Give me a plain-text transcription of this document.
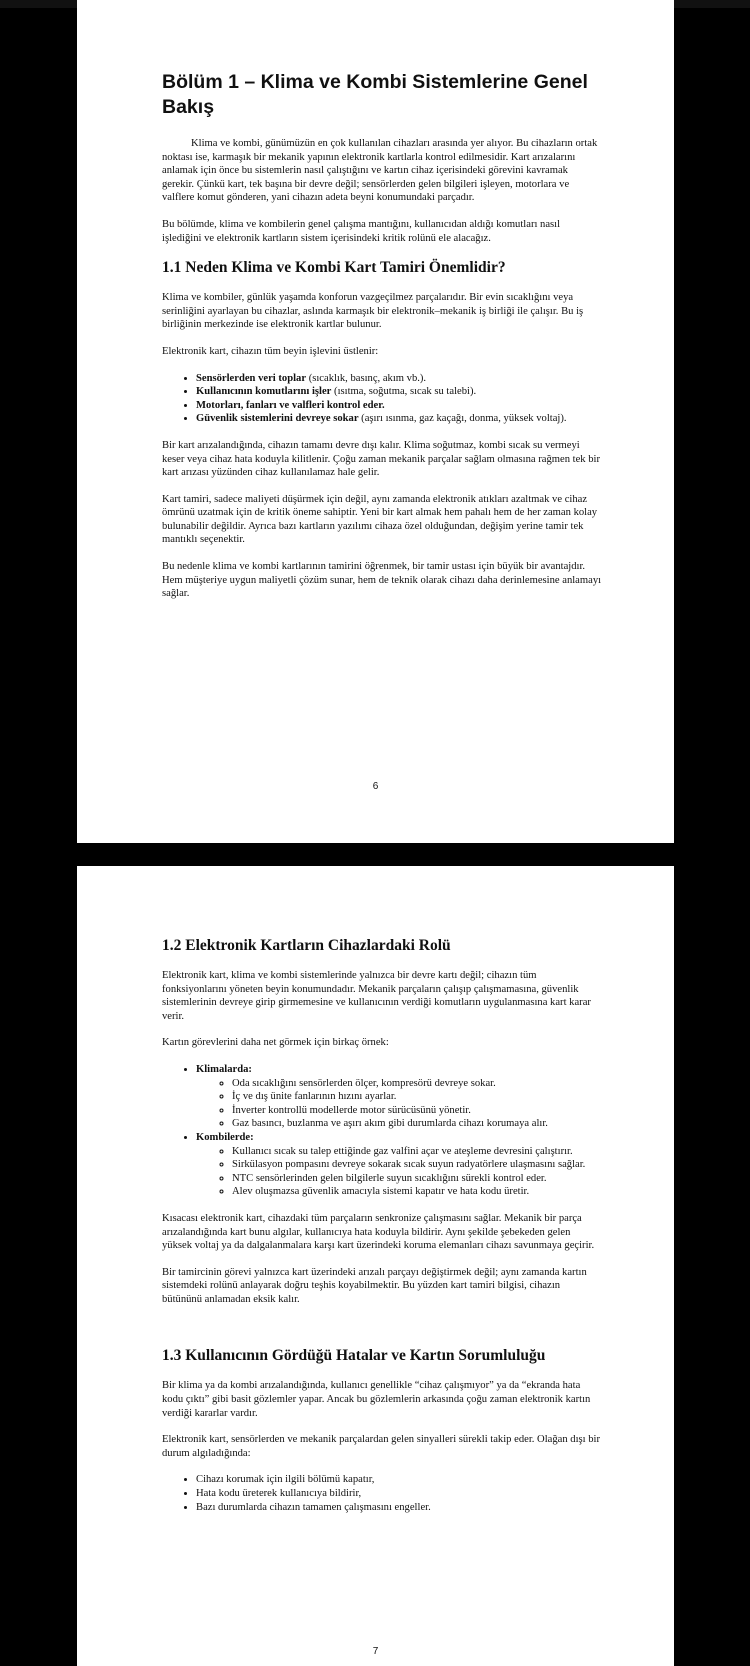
Bölüm 1 – Klima ve Kombi Sistemlerine Genel Bakış

Klima ve kombi, günümüzün en çok kullanılan cihazları arasında yer alıyor. Bu cihazların ortak noktası ise, karmaşık bir mekanik yapının elektronik kartlarla kontrol edilmesidir. Kart arızalarını anlamak için önce bu sistemlerin nasıl çalıştığını ve kartın cihaz içerisindeki görevini kavramak gerekir. Çünkü kart, tek başına bir devre değil; sensörlerden gelen bilgileri işleyen, motorlara ve valflere komut gönderen, yani cihazın adeta beyni konumundaki parçadır.

Bu bölümde, klima ve kombilerin genel çalışma mantığını, kullanıcıdan aldığı komutları nasıl işlediğini ve elektronik kartların sistem içerisindeki kritik rolünü ele alacağız.

1.1 Neden Klima ve Kombi Kart Tamiri Önemlidir?

Klima ve kombiler, günlük yaşamda konforun vazgeçilmez parçalarıdır. Bir evin sıcaklığını veya serinliğini ayarlayan bu cihazlar, aslında karmaşık bir elektronik–mekanik iş birliği ile çalışır. Bu iş birliğinin merkezinde ise elektronik kartlar bulunur.

Elektronik kart, cihazın tüm beyin işlevini üstlenir:

• Sensörlerden veri toplar (sıcaklık, basınç, akım vb.).
• Kullanıcının komutlarını işler (ısıtma, soğutma, sıcak su talebi).
• Motorları, fanları ve valfleri kontrol eder.
• Güvenlik sistemlerini devreye sokar (aşırı ısınma, gaz kaçağı, donma, yüksek voltaj).

Bir kart arızalandığında, cihazın tamamı devre dışı kalır. Klima soğutmaz, kombi sıcak su vermeyi keser veya cihaz hata koduyla kilitlenir. Çoğu zaman mekanik parçalar sağlam olmasına rağmen tek bir kart arızası yüzünden cihaz kullanılamaz hale gelir.

Kart tamiri, sadece maliyeti düşürmek için değil, aynı zamanda elektronik atıkları azaltmak ve cihaz ömrünü uzatmak için de kritik öneme sahiptir. Yeni bir kart almak hem pahalı hem de her zaman kolay bulunabilir değildir. Ayrıca bazı kartların yazılımı cihaza özel olduğundan, değişim yerine tamir tek mantıklı seçenektir.

Bu nedenle klima ve kombi kartlarının tamirini öğrenmek, bir tamir ustası için büyük bir avantajdır. Hem müşteriye uygun maliyetli çözüm sunar, hem de teknik olarak cihazı daha derinlemesine anlamayı sağlar.

6
1.2 Elektronik Kartların Cihazlardaki Rolü

Elektronik kart, klima ve kombi sistemlerinde yalnızca bir devre kartı değil; cihazın tüm fonksiyonlarını yöneten beyin konumundadır. Mekanik parçaların çalışıp çalışmamasına, güvenlik sistemlerinin devreye girip girmemesine ve kullanıcının verdiği komutların uygulanmasına kart karar verir.

Kartın görevlerini daha net görmek için birkaç örnek:

• Klimalarda:
◦ Oda sıcaklığını sensörlerden ölçer, kompresörü devreye sokar.
◦ İç ve dış ünite fanlarının hızını ayarlar.
◦ İnverter kontrollü modellerde motor sürücüsünü yönetir.
◦ Gaz basıncı, buzlanma ve aşırı akım gibi durumlarda cihazı korumaya alır.
• Kombilerde:
◦ Kullanıcı sıcak su talep ettiğinde gaz valfini açar ve ateşleme devresini çalıştırır.
◦ Sirkülasyon pompasını devreye sokarak sıcak suyun radyatörlere ulaşmasını sağlar.
◦ NTC sensörlerinden gelen bilgilerle suyun sıcaklığını sürekli kontrol eder.
◦ Alev oluşmazsa güvenlik amacıyla sistemi kapatır ve hata kodu üretir.

Kısacası elektronik kart, cihazdaki tüm parçaların senkronize çalışmasını sağlar. Mekanik bir parça arızalandığında kart bunu algılar, kullanıcıya hata koduyla bildirir. Aynı şekilde şebekeden gelen yüksek voltaj ya da dalgalanmalara karşı kart üzerindeki koruma elemanları cihazı savunmaya geçirir.

Bir tamircinin görevi yalnızca kart üzerindeki arızalı parçayı değiştirmek değil; aynı zamanda kartın sistemdeki rolünü anlayarak doğru teşhis koyabilmektir. Bu yüzden kart tamiri bilgisi, cihazın bütününü anlamadan eksik kalır.

1.3 Kullanıcının Gördüğü Hatalar ve Kartın Sorumluluğu

Bir klima ya da kombi arızalandığında, kullanıcı genellikle “cihaz çalışmıyor” ya da “ekranda hata kodu çıktı” gibi basit gözlemler yapar. Ancak bu gözlemlerin arkasında çoğu zaman elektronik kartın verdiği kararlar vardır.

Elektronik kart, sensörlerden ve mekanik parçalardan gelen sinyalleri sürekli takip eder. Olağan dışı bir durum algıladığında:

• Cihazı korumak için ilgili bölümü kapatır,
• Hata kodu üreterek kullanıcıya bildirir,
• Bazı durumlarda cihazın tamamen çalışmasını engeller.
7
